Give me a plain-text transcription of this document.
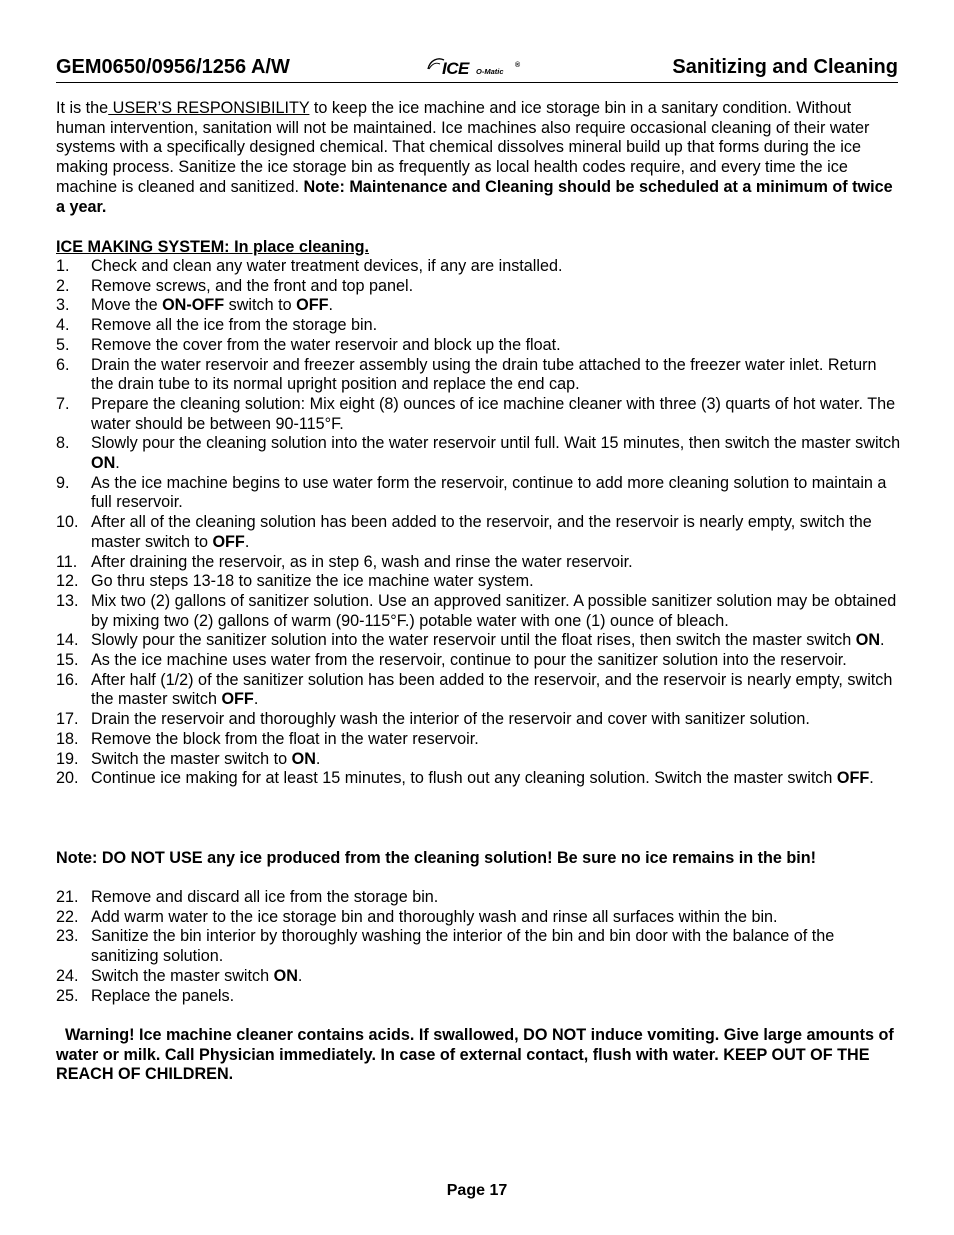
GEM0650/0956/1256 A/W	ICE O-Matic
®	Sanitizing and Cleaning
It is the USER’S RESPONSIBILITY to keep the ice machine and ice storage bin in a sanitary condition. Without human intervention, sanitation will not be maintained. Ice machines also require occasional cleaning of their water systems with a specifically designed chemical. That chemical dissolves mineral build up that forms during the ice making process. Sanitize the ice storage bin as frequently as local health codes require, and every time the ice machine is cleaned and sanitized. Note: Maintenance and Cleaning should be scheduled at a minimum of twice a year.
ICE MAKING SYSTEM: In place cleaning.
1. Check and clean any water treatment devices, if any are installed.
2. Remove screws, and the front and top panel.
3. Move the ON-OFF switch to OFF.
4. Remove all the ice from the storage bin.
5. Remove the cover from the water reservoir and block up the float.
6. Drain the water reservoir and freezer assembly using the drain tube attached to the freezer water inlet. Return the drain tube to its normal upright position and replace the end cap.
7. Prepare the cleaning solution: Mix eight (8) ounces of ice machine cleaner with three (3) quarts of hot water. The water should be between 90-115°F.
8. Slowly pour the cleaning solution into the water reservoir until full. Wait 15 minutes, then switch the master switch ON.
9. As the ice machine begins to use water form the reservoir, continue to add more cleaning solution to maintain a full reservoir.
10. After all of the cleaning solution has been added to the reservoir, and the reservoir is nearly empty, switch the master switch to OFF.
11. After draining the reservoir, as in step 6, wash and rinse the water reservoir.
12. Go thru steps 13-18 to sanitize the ice machine water system.
13. Mix two (2) gallons of sanitizer solution. Use an approved sanitizer. A possible sanitizer solution may be obtained by mixing two (2) gallons of warm (90-115°F.) potable water with one (1) ounce of bleach.
14. Slowly pour the sanitizer solution into the water reservoir until the float rises, then switch the master switch ON.
15. As the ice machine uses water from the reservoir, continue to pour the sanitizer solution into the reservoir.
16. After half (1/2) of the sanitizer solution has been added to the reservoir, and the reservoir is nearly empty, switch the master switch OFF.
17. Drain the reservoir and thoroughly wash the interior of the reservoir and cover with sanitizer solution.
18. Remove the block from the float in the water reservoir.
19. Switch the master switch to ON.
20. Continue ice making for at least 15 minutes, to flush out any cleaning solution. Switch the master switch OFF.
Note: DO NOT USE any ice produced from the cleaning solution! Be sure no ice remains in the bin!
21. Remove and discard all ice from the storage bin.
22. Add warm water to the ice storage bin and thoroughly wash and rinse all surfaces within the bin.
23. Sanitize the bin interior by thoroughly washing the interior of the bin and bin door with the balance of the sanitizing solution.
24. Switch the master switch ON.
25. Replace the panels.
Warning! Ice machine cleaner contains acids. If swallowed, DO NOT induce vomiting. Give large amounts of water or milk. Call Physician immediately. In case of external contact, flush with water. KEEP OUT OF THE REACH OF CHILDREN.
Page 17
